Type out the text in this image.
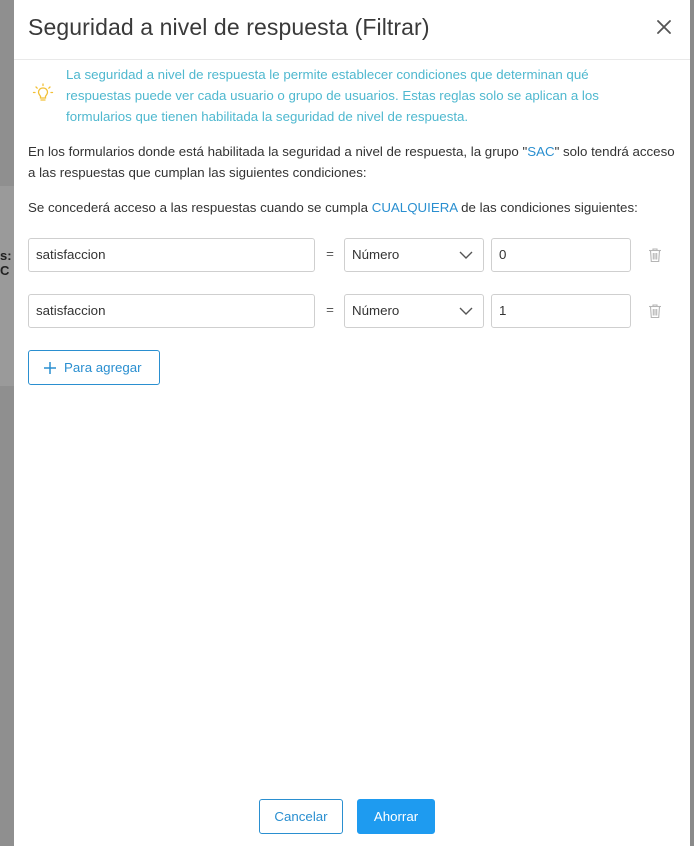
s: C
Seguridad a nivel de respuesta (Filtrar)
La seguridad a nivel de respuesta le permite establecer condiciones que determinan qué respuestas puede ver cada usuario o grupo de usuarios. Estas reglas solo se aplican a los formularios que tienen habilitada la seguridad de nivel de respuesta.
En los formularios donde está habilitada la seguridad a nivel de respuesta, la grupo "SAC" solo tendrá acceso a las respuestas que cumplan las siguientes condiciones:
Se concederá acceso a las respuestas cuando se cumpla CUALQUIERA de las condiciones siguientes:
satisfaccion	=	Número	0
satisfaccion	=	Número	1
Para agregar
Cancelar	Ahorrar
